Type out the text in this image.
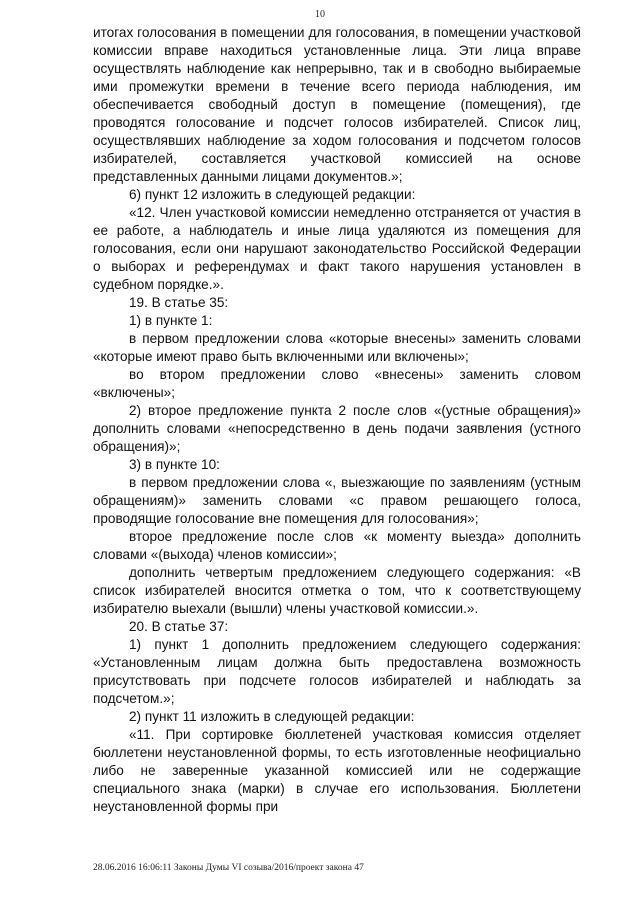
10

итогах голосования в помещении для голосования, в помещении участковой комиссии вправе находиться установленные лица. Эти лица вправе осуществлять наблюдение как непрерывно, так и в свободно выбираемые ими промежутки времени в течение всего периода наблюдения, им обеспечивается свободный доступ в помещение (помещения), где проводятся голосование и подсчет голосов избирателей. Список лиц, осуществлявших наблюдение за ходом голосования и подсчетом голосов избирателей, составляется участковой комиссией на основе представленных данными лицами документов.»;

6) пункт 12 изложить в следующей редакции:

«12. Член участковой комиссии немедленно отстраняется от участия в ее работе, а наблюдатель и иные лица удаляются из помещения для голосования, если они нарушают законодательство Российской Федерации о выборах и референдумах и факт такого нарушения установлен в судебном порядке.».

19. В статье 35:

1) в пункте 1:

в первом предложении слова «которые внесены» заменить словами «которые имеют право быть включенными или включены»;

во втором предложении слово «внесены» заменить словом «включены»;

2) второе предложение пункта 2 после слов «(устные обращения)» дополнить словами «непосредственно в день подачи заявления (устного обращения)»;

3) в пункте 10:

в первом предложении слова «, выезжающие по заявлениям (устным обращениям)» заменить словами «с правом решающего голоса, проводящие голосование вне помещения для голосования»;

второе предложение после слов «к моменту выезда» дополнить словами «(выхода) членов комиссии»;

дополнить четвертым предложением следующего содержания: «В список избирателей вносится отметка о том, что к соответствующему избирателю выехали (вышли) члены участковой комиссии.».

20. В статье 37:

1) пункт 1 дополнить предложением следующего содержания: «Установленным лицам должна быть предоставлена возможность присутствовать при подсчете голосов избирателей и наблюдать за подсчетом.»;

2) пункт 11 изложить в следующей редакции:

«11. При сортировке бюллетеней участковая комиссия отделяет бюллетени неустановленной формы, то есть изготовленные неофициально либо не заверенные указанной комиссией или не содержащие специального знака (марки) в случае его использования. Бюллетени неустановленной формы при

28.06.2016 16:06:11 Законы Думы VI созыва/2016/проект закона 47
